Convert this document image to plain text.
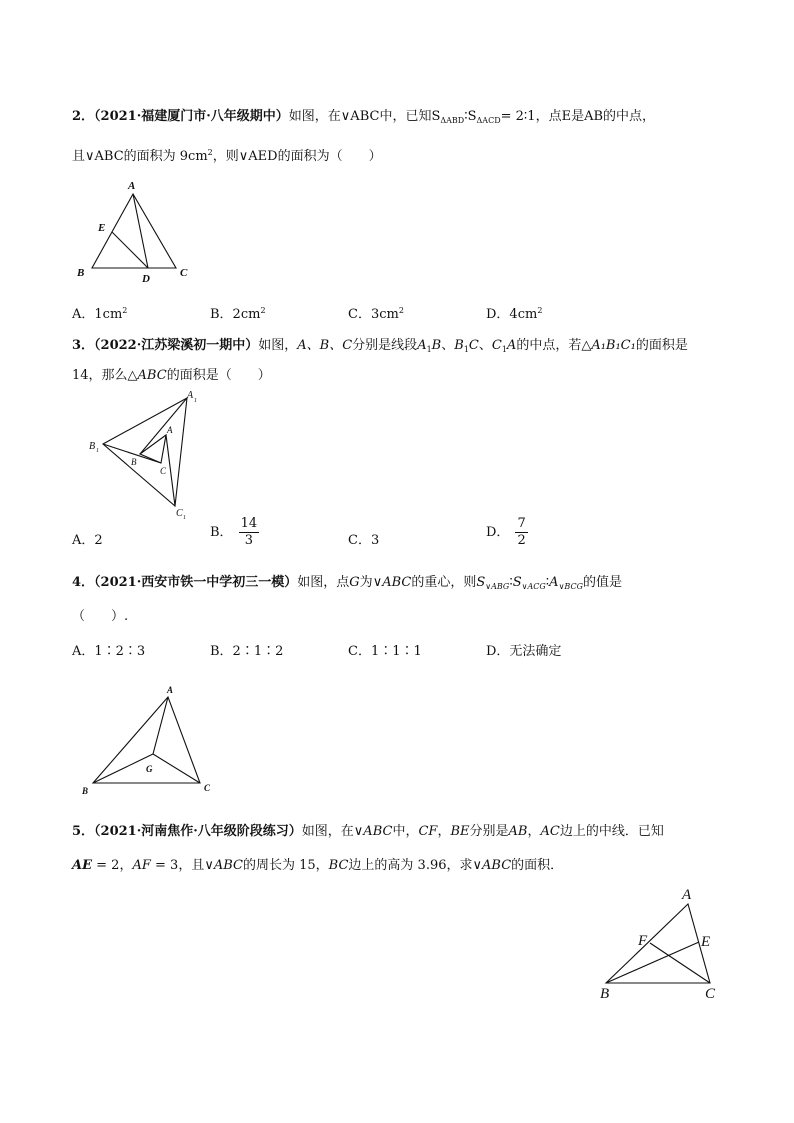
2．（2021·福建厦门市·八年级期中）如图，在∨ABC中，已知$S_{\Delta ABD}∶S_{\Delta ACD}=$ 2∶1，点E是AB的中点，
且∨ABC的面积为 $9cm^2$，则∨AED的面积为（　　）
A
E
B	D	C
A．$1cm^2$	B．$2cm^2$	C．$3cm^2$	D．$4cm^2$
3．（2022·江苏梁溪初一期中）如图，A、B、C分别是线段$A_1B$、$B_1C$、$C_1A$的中点，若△A₁B₁C₁的面积是
14，那么△ABC的面积是（　　）
A 1
B 1
C 1
A
B
C
A．2
B． $\frac{14}{3}$	C．3
D． $\frac{7}{2}$
4．（2021·西安市铁一中学初三一模）如图，点G为∨ABC的重心，则$S_{\vee ABG}∶S_{\vee ACG}∶A_{\vee BCG}$的值是
（　　）.
A．1∶2∶3	B．2∶1∶2	C．1∶1∶1	D．无法确定
A
G
B	C
5．（2021·河南焦作·八年级阶段练习）如图，在∨ABC中，CF，BE分别是AB，AC边上的中线．已知
AE = 2，AF = 3，且∨ABC的周长为 15，BC边上的高为 3.96，求∨ABC的面积．
A
F	E
B	C
